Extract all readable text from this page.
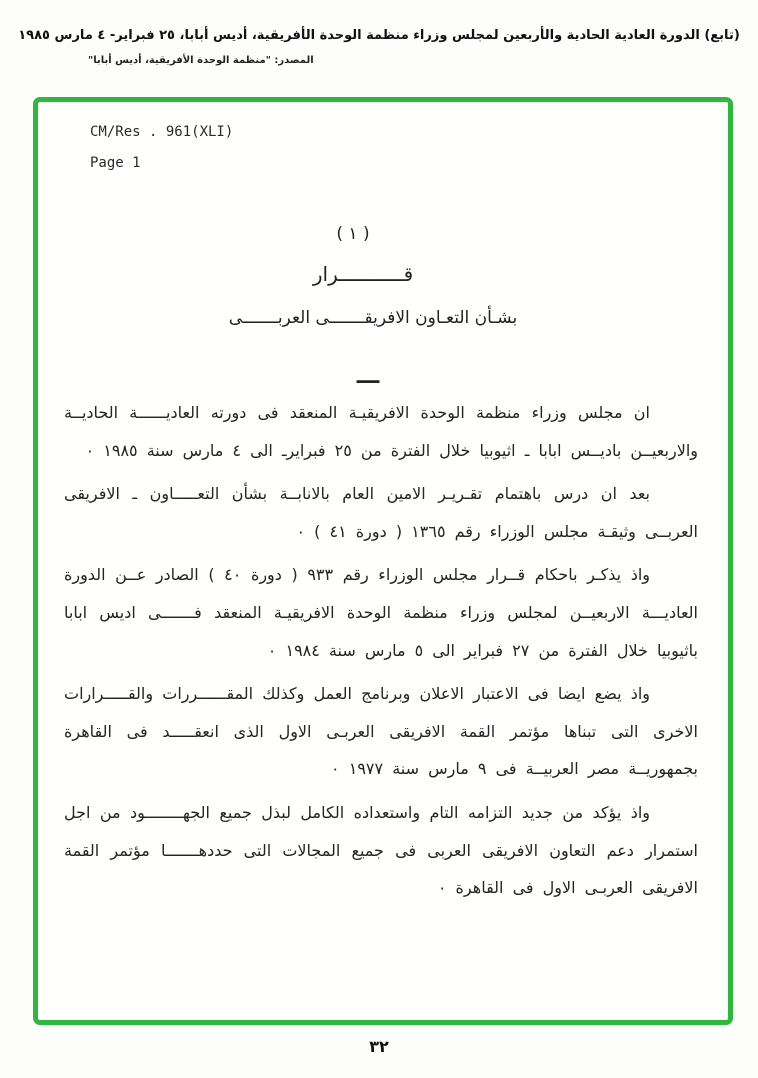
(تابع) الدورة العادية الحادية والأربعين لمجلس وزراء منظمة الوحدة الأفريقية، أديس أبابا، ٢٥ فبراير- ٤ مارس ١٩٨٥
المصدر: "منظمة الوحدة الأفريقية، أديس أبابا"
CM/Res . 961(XLI)
Page 1
( ١ )
قـــــــــــرار
بشـأن التعـاون الافريقـــــــى العربـــــــى
ـــ

ان مجلس وزراء منظمة الوحدة الافريقيـة المنعقد فى دورته العاديــــــة الحاديــة والاربعيــن باديــس ابابا ـ اثيوبيا خلال الفترة من ٢٥ فبرايرـ الى ٤ مارس سنة ١٩٨٥ ٠

بعد ان درس باهتمام تقـريـر الامين العام بالانابــة بشأن التعـــــاون ـ الافريقى العربــى وثيقـة مجلس الوزراء رقم ١٣٦٥ ( دورة ٤١ ) ٠

واذ يذكـر باحكام قــرار مجلس الوزراء رقم ٩٣٣ ( دورة ٤٠ ) الصادر عــن الدورة العاديـــة الاربعيــن لمجلس وزراء منظمة الوحدة الافريقيـة المنعقد فـــــــى اديس ابابا باثيوبيا خلال الفترة من ٢٧ فبراير الى ٥ مارس سنة ١٩٨٤ ٠

واذ يضع ايضا فى الاعتبار الاعلان وبرنامج العمل وكذلك المقــــــررات والقـــــرارات الاخرى التى تبناها مؤتمر القمة الافريقى العربـى الاول الذى انعقـــــد فى القاهرة بجمهوريــة مصر العربيــة فى ٩ مارس سنة ١٩٧٧ ٠

واذ يؤكد من جديد التزامه التام واستعداده الكامل لبذل جميع الجهــــــــود من اجل استمرار دعم التعاون الافريقى العربى فى جميع المجالات التى حددهـــــــا مؤتمر القمة الافريقى العربـى الاول فى القاهرة ٠

٣٢
